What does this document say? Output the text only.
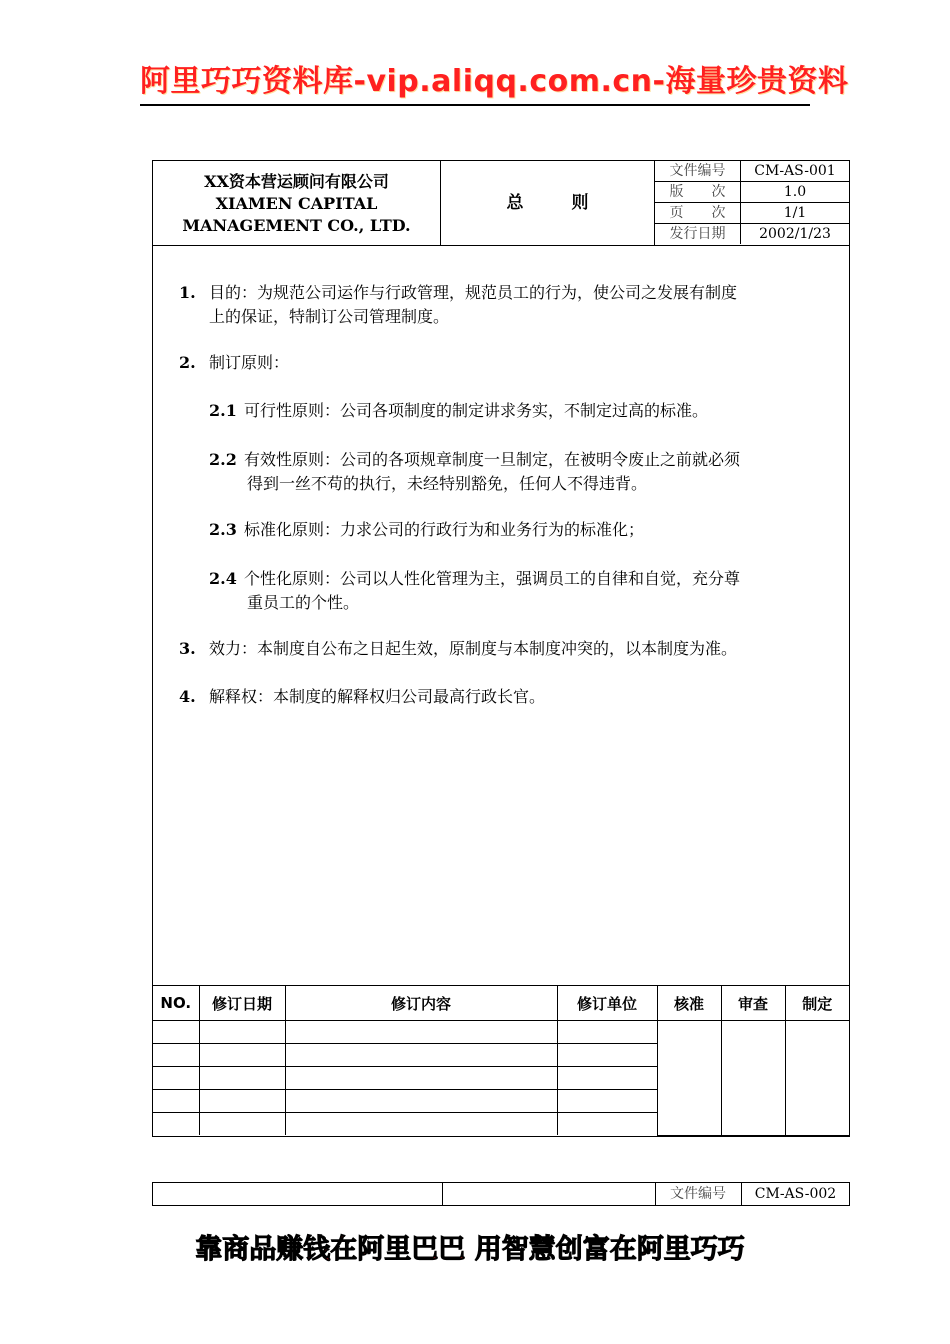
阿里巧巧资料库-vip.aliqq.com.cn-海量珍贵资料
XX资本营运顾问有限公司
XIAMEN CAPITAL
MANAGEMENT CO., LTD.
总则
文件编号	CM-AS-001
版　　次	1.0
页　　次	1/1
发行日期	2002/1/23
1. 目的：为规范公司运作与行政管理，规范员工的行为，使公司之发展有制度
上的保证，特制订公司管理制度。
2. 制订原则：
2.1 可行性原则：公司各项制度的制定讲求务实，不制定过高的标准。
2.2 有效性原则：公司的各项规章制度一旦制定，在被明令废止之前就必须
得到一丝不苟的执行，未经特别豁免，任何人不得违背。
2.3 标准化原则：力求公司的行政行为和业务行为的标准化；
2.4 个性化原则：公司以人性化管理为主，强调员工的自律和自觉，充分尊
重员工的个性。
3. 效力：本制度自公布之日起生效，原制度与本制度冲突的，以本制度为准。
4. 解释权：本制度的解释权归公司最高行政长官。
NO.	修订日期	修订内容	修订单位	核准	审查	制定

文件编号	CM-AS-002
靠商品赚钱在阿里巴巴 用智慧创富在阿里巧巧
